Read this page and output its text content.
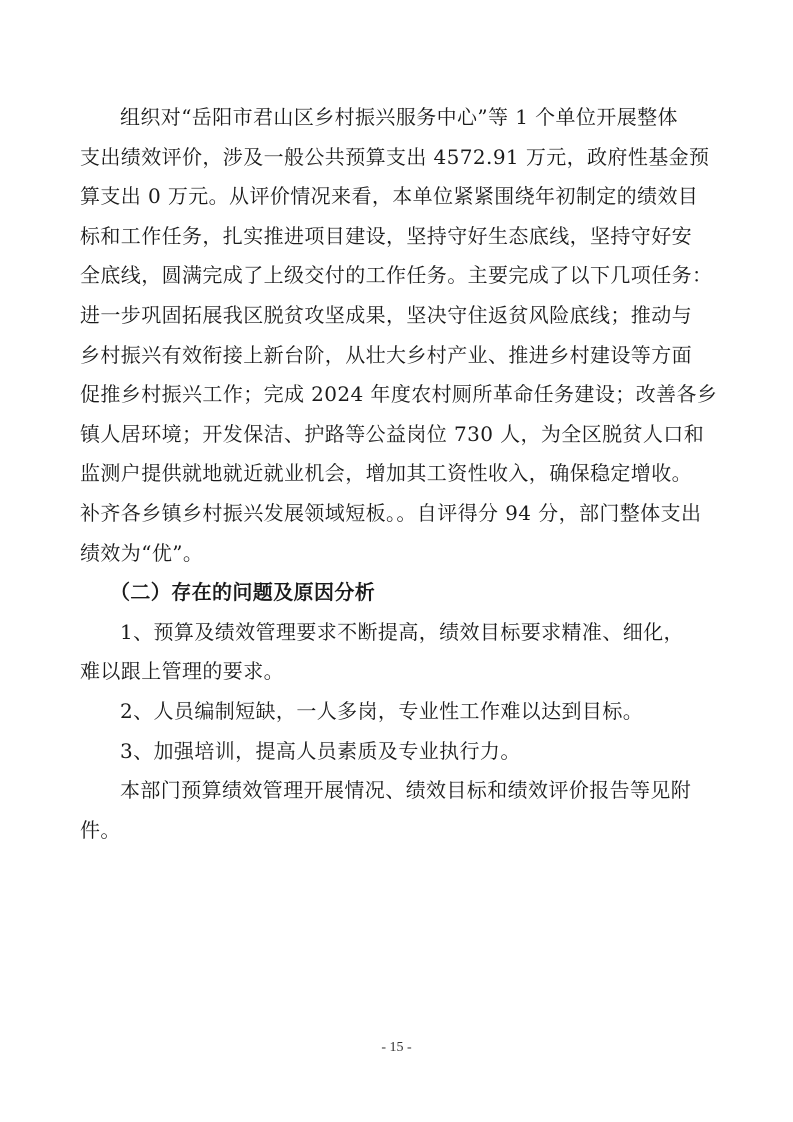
组织对“岳阳市君山区乡村振兴服务中心”等 1 个单位开展整体
支出绩效评价，涉及一般公共预算支出 4572.91 万元，政府性基金预
算支出 0 万元。从评价情况来看，本单位紧紧围绕年初制定的绩效目
标和工作任务，扎实推进项目建设，坚持守好生态底线，坚持守好安
全底线，圆满完成了上级交付的工作任务。主要完成了以下几项任务：
进一步巩固拓展我区脱贫攻坚成果，坚决守住返贫风险底线；推动与
乡村振兴有效衔接上新台阶，从壮大乡村产业、推进乡村建设等方面
促推乡村振兴工作；完成 2024 年度农村厕所革命任务建设；改善各乡
镇人居环境；开发保洁、护路等公益岗位 730 人，为全区脱贫人口和
监测户提供就地就近就业机会，增加其工资性收入，确保稳定增收。
补齐各乡镇乡村振兴发展领域短板。。自评得分 94 分，部门整体支出
绩效为“优”。
（二）存在的问题及原因分析
1、预算及绩效管理要求不断提高，绩效目标要求精准、细化，
难以跟上管理的要求。
2、人员编制短缺，一人多岗，专业性工作难以达到目标。
3、加强培训，提高人员素质及专业执行力。
本部门预算绩效管理开展情况、绩效目标和绩效评价报告等见附
件。
- 15 -
